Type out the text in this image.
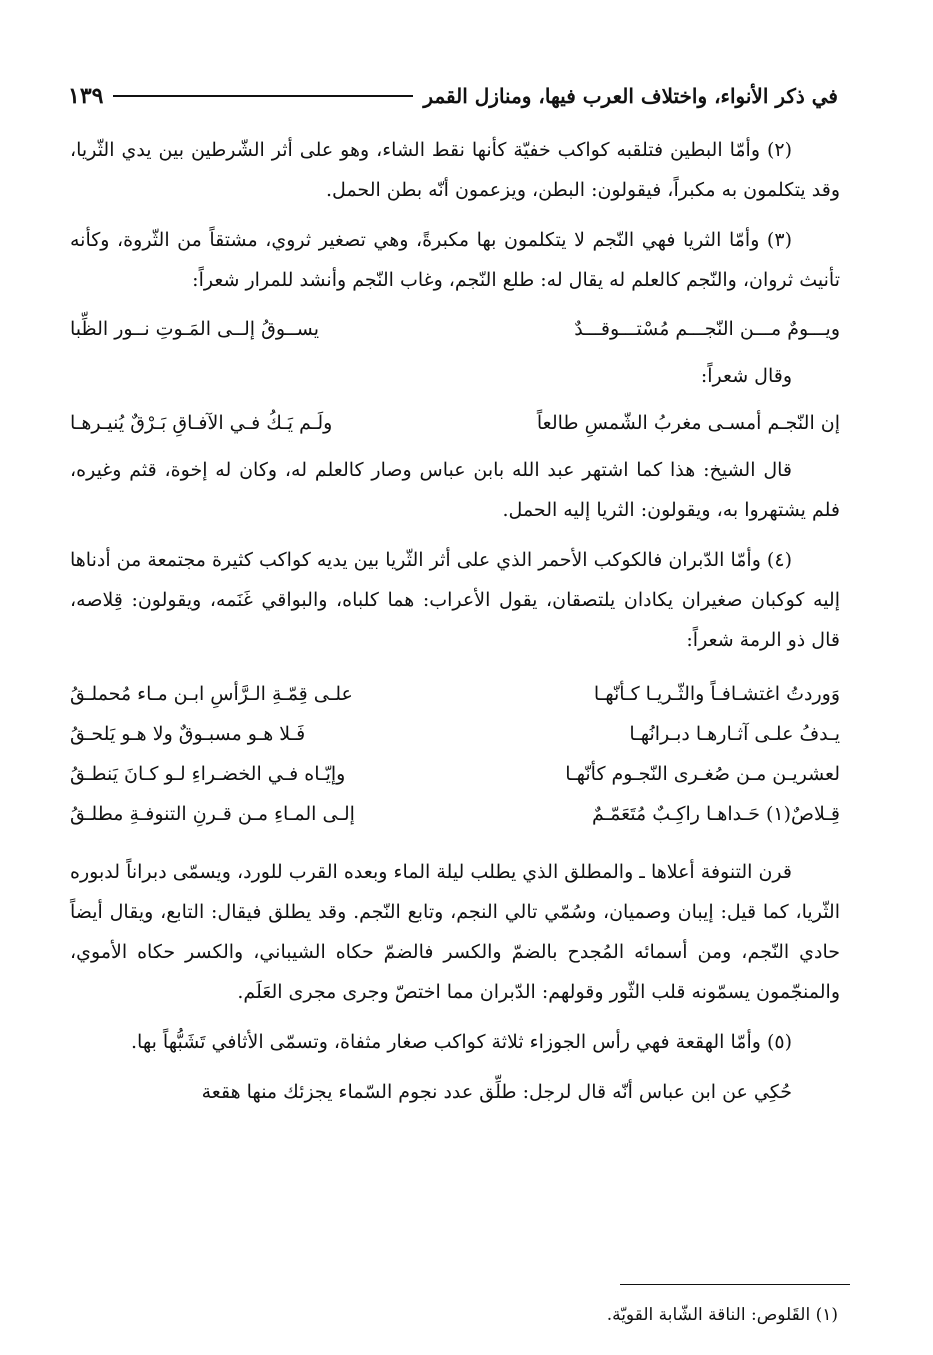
في ذكر الأنواء، واختلاف العرب فيها، ومنازل القمر
١٣٩

(٢) وأمّا البطين فتلقبه كواكب خفيّة كأنها نقط الشاء، وهو على أثر الشّرطين بين يدي الثّريا، وقد يتكلمون به مكبراً، فيقولون: البطن، ويزعمون أنّه بطن الحمل.

(٣) وأمّا الثريا فهي النّجم لا يتكلمون بها مكبرةً، وهي تصغير ثروي، مشتقاً من الثّروة، وكأنه تأنيث ثروان، والنّجم كالعلم له يقال له: طلع النّجم، وغاب النّجم وأنشد للمرار شعراً:

ويـــومٌ مـــن النّجـــم مُسْتـــوقـــدٌ
يســوقُ إلــى المَـوتِ نــور الظِّبا

وقال شعراً:

إن النّجـم أمسـى مغربُ الشّمسِ طالعاً
ولَـم يَـكُ فـي الآفـاقِ بَـرْقٌ يُنيـرهـا

قال الشيخ: هذا كما اشتهر عبد الله بابن عباس وصار كالعلم له، وكان له إخوة، قثم وغيره، فلم يشتهروا به، ويقولون: الثريا إليه الحمل.

(٤) وأمّا الدّبران فالكوكب الأحمر الذي على أثر الثّريا بين يديه كواكب كثيرة مجتمعة من أدناها إليه كوكبان صغيران يكادان يلتصقان، يقول الأعراب: هما كلباه، والبواقي غَنَمه، ويقولون: قِلاصه، قال ذو الرمة شعراً:

وَوردتُ اغتشـافـاً والثّـريـا كـأنّهـا
علـى قِمّـةِ الـرَّأسِ ابـن مـاء مُحملـقُ
يـدفُ علـى آثـارهـا دبـرانُهـا
فَـلا هـو مسبـوقٌ ولا هـو يَلحـقُ
لعشريـن مـن صُغـرى النّجـوم كأنّهـا
وإيّـاه فـي الخضـراءِ لـو كـانَ يَنطـقُ
قِـلاصٌ(١) حَـداهـا راكِـبٌ مُتَعَمّـمٌ
إلـى المـاءِ مـن قـرنِ التنوفـةِ مطلـقُ

قرن التنوفة أعلاها ـ والمطلق الذي يطلب ليلة الماء وبعده القرب للورد، ويسمّى دبراناً لدبوره الثّريا، كما قيل: إيبان وصميان، وسُمّي تالي النجم، وتابع النّجم. وقد يطلق فيقال: التابع، ويقال أيضاً حادي النّجم، ومن أسمائه المُجدح بالضمّ والكسر فالضمّ حكاه الشيباني، والكسر حكاه الأموي، والمنجّمون يسمّونه قلب الثّور وقولهم: الدّبران مما اختصّ وجرى مجرى العَلَم.

(٥) وأمّا الهقعة فهي رأس الجوزاء ثلاثة كواكب صغار مثفاة، وتسمّى الأثافي تَشَبُّهاً بها.

حُكِي عن ابن عباس أنّه قال لرجل: طلِّق عدد نجوم السّماء يجزئك منها هقعة

(١) القَلوص: الناقة الشّابة القويّة.
